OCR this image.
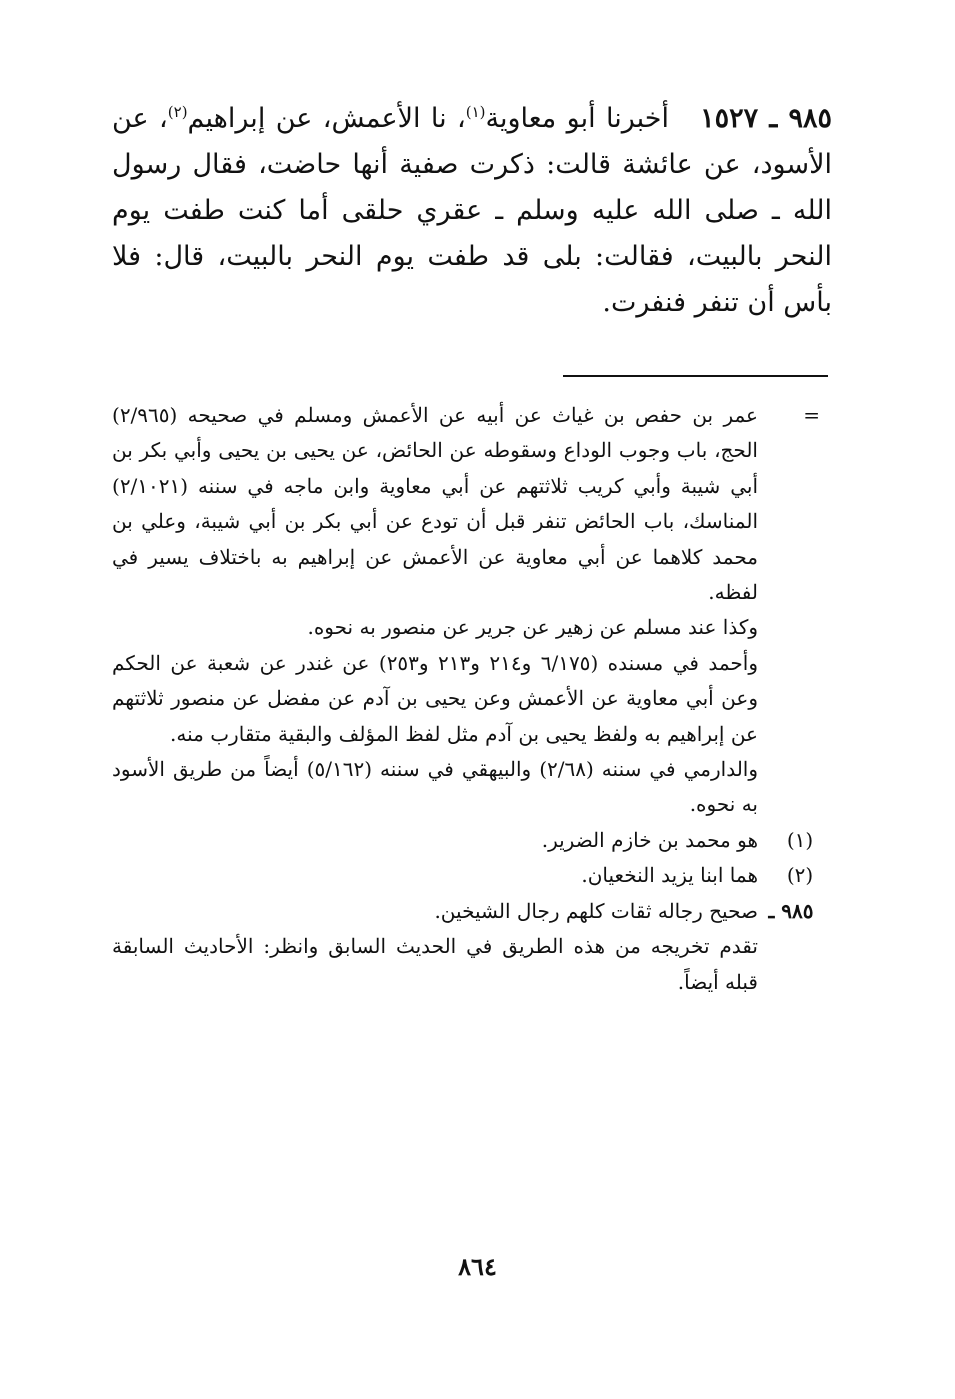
٩٨٥ ـ ١٥٢٧   أخبرنا أبو معاوية$^{(١)}$، نا الأعمش، عن إبراهيم$^{(٢)}$، عن الأسود، عن عائشة قالت: ذكرت صفية أنها حاضت، فقال رسول الله ـ صلى الله عليه وسلم ـ عقري حلقى أما كنت طفت يوم النحر بالبيت، فقالت: بلى قد طفت يوم النحر بالبيت، قال: فلا بأس أن تنفر فنفرت.

=
عمر بن حفص بن غياث عن أبيه عن الأعمش ومسلم في صحيحه (٢/٩٦٥) الحج، باب وجوب الوداع وسقوطه عن الحائض، عن يحيى بن يحيى وأبي بكر بن أبي شيبة وأبي كريب ثلاثتهم عن أبي معاوية وابن ماجه في سننه (٢/١٠٢١) المناسك، باب الحائض تنفر قبل أن تودع عن أبي بكر بن أبي شيبة، وعلي بن محمد كلاهما عن أبي معاوية عن الأعمش عن إبراهيم به باختلاف يسير في لفظه.

وكذا عند مسلم عن زهير عن جرير عن منصور به نحوه.

وأحمد في مسنده (٦/١٧٥ و٢١٤ و٢١٣ و٢٥٣) عن غندر عن شعبة عن الحكم وعن أبي معاوية عن الأعمش وعن يحيى بن آدم عن مفضل عن منصور ثلاثتهم عن إبراهيم به ولفظ يحيى بن آدم مثل لفظ المؤلف والبقية متقارب منه.

والدارمي في سننه (٢/٦٨) والبيهقي في سننه (٥/١٦٢) أيضاً من طريق الأسود به نحوه.

(١)
هو محمد بن خازم الضرير.

(٢)
هما ابنا يزيد النخعيان.

٩٨٥ ـ
صحيح رجاله ثقات كلهم رجال الشيخين.

تقدم تخريجه من هذه الطريق في الحديث السابق وانظر: الأحاديث السابقة قبله أيضاً.

٨٦٤
